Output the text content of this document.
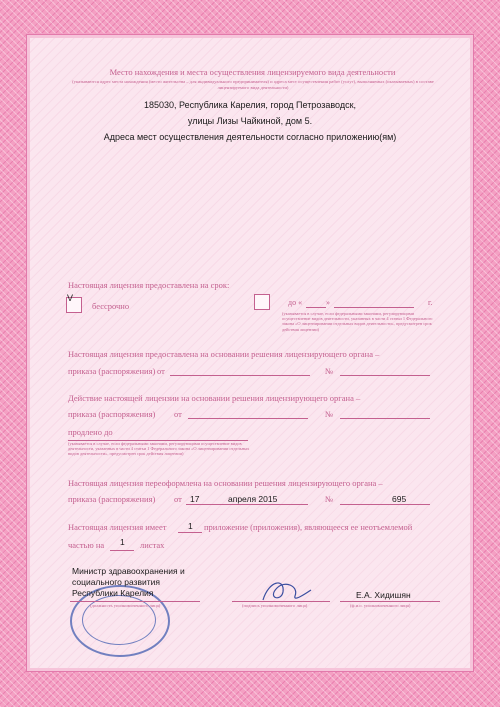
Место нахождения и места осуществления лицензируемого вида деятельности
(указываются адрес места нахождения (место жительства – для индивидуального предпринимателя) и адреса мест осуществления работ (услуг), выполняемых (оказываемых) в составе лицензируемого вида деятельности)
185030, Республика Карелия, город Петрозаводск,
улицы Лизы Чайкиной, дом 5.
Адреса мест осуществления деятельности согласно приложению(ям)
Настоящая лицензия предоставлена на срок:
V
бессрочно	до «	»	г.
(указывается в случае, если федеральными законами, регулирующими осуществление видов деятельности, указанных в части 4 статьи 1 Федерального закона «О лицензировании отдельных видов деятельности», предусмотрен срок действия лицензии)
Настоящая лицензия предоставлена на основании решения лицензирующего органа –
приказа (распоряжения) от	№
Действие настоящей лицензии на основании решения лицензирующего органа –
приказа (распоряжения) от	№
продлено до
(указывается в случае, если федеральными законами, регулирующими осуществление видов деятельности, указанных в части 4 статьи 1 Федерального закона «О лицензировании отдельных видов деятельности», предусмотрен срок действия лицензии)
Настоящая лицензия переоформлена на основании решения лицензирующего органа –
приказа (распоряжения) от 17	апреля 2015	№	695
Настоящая лицензия имеет	1 приложение (приложения), являющееся ее неотъемлемой
частью на 1 листах
Министр здравоохранения и
социального развития
Республики Карелия
(должность уполномоченного лица)	(подпись уполномоченного лица)
Е.А. Хидишян
(ф.и.о. уполномоченного лица)
